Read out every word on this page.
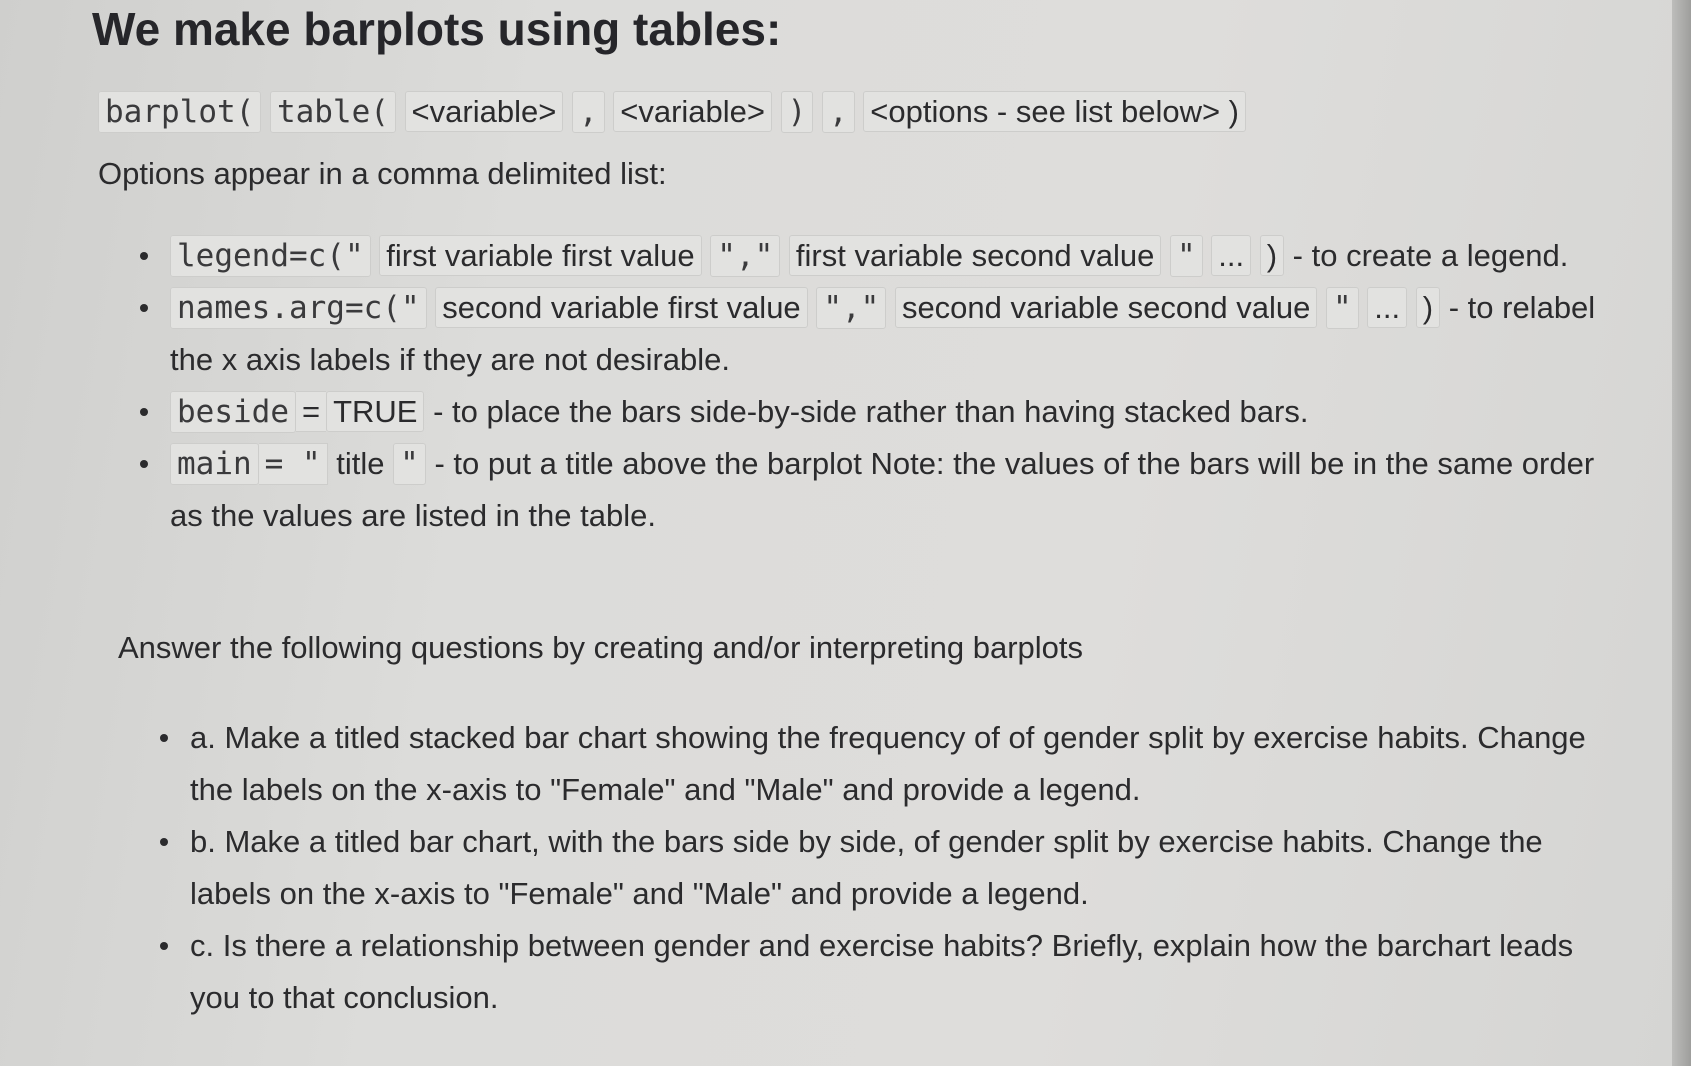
We make barplots using tables:
barplot( table( <variable> , <variable> ) , <options - see list below> )
Options appear in a comma delimited list:
legend=c(" first variable first value "," first variable second value " ... ) - to create a legend.
names.arg=c(" second variable first value "," second variable second value " ... ) - to relabel the x axis labels if they are not desirable.
beside = TRUE - to place the bars side-by-side rather than having stacked bars.
main = " title " - to put a title above the barplot Note: the values of the bars will be in the same order as the values are listed in the table.
Answer the following questions by creating and/or interpreting barplots
a. Make a titled stacked bar chart showing the frequency of of gender split by exercise habits. Change the labels on the x-axis to "Female" and "Male" and provide a legend.
b. Make a titled bar chart, with the bars side by side, of gender split by exercise habits. Change the labels on the x-axis to "Female" and "Male" and provide a legend.
c. Is there a relationship between gender and exercise habits? Briefly, explain how the barchart leads you to that conclusion.
